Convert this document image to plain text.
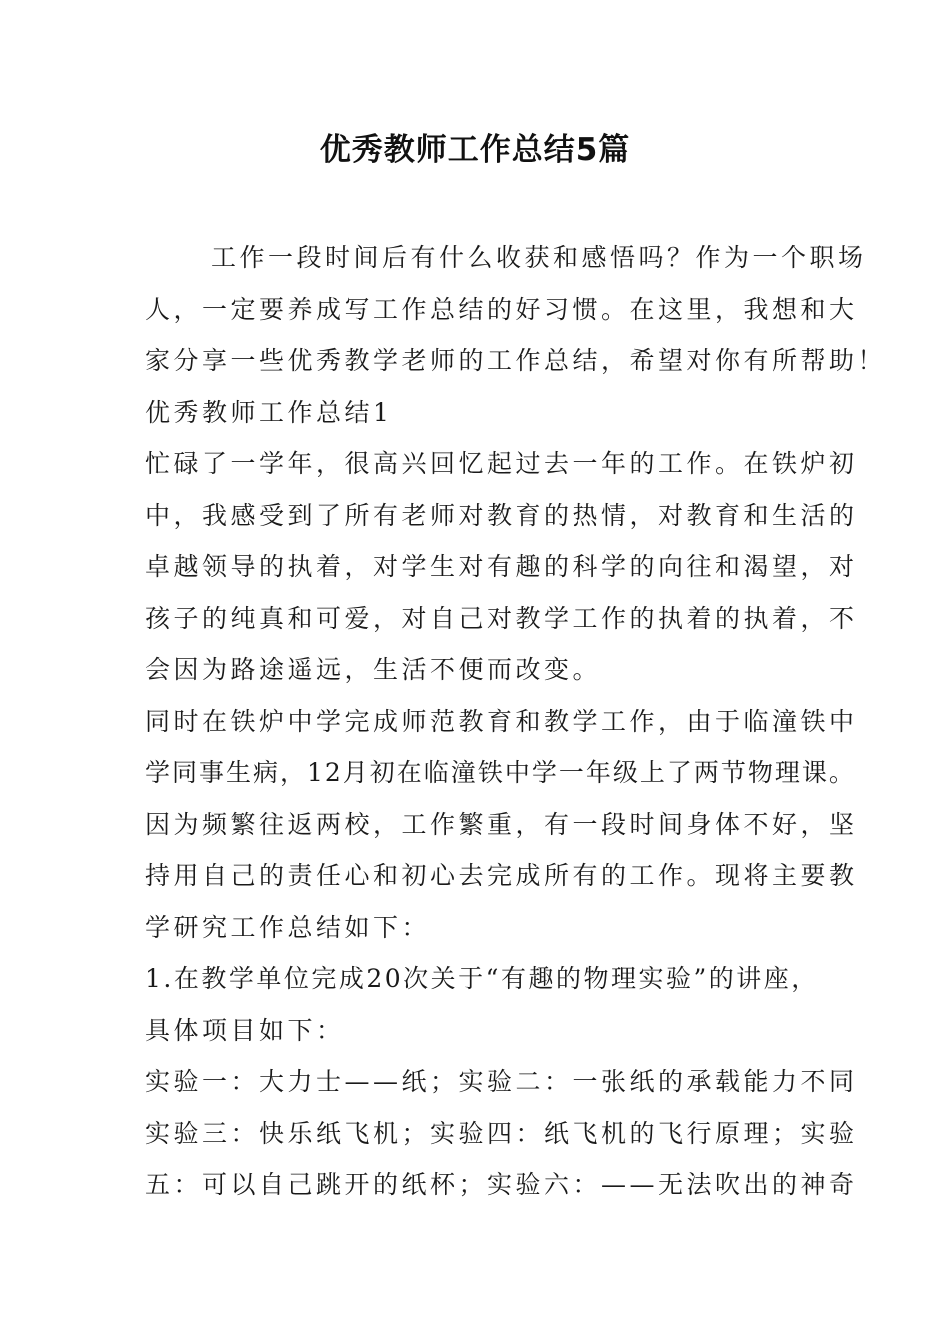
优秀教师工作总结5篇
工作一段时间后有什么收获和感悟吗？作为一个职场
人，一定要养成写工作总结的好习惯。在这里，我想和大
家分享一些优秀教学老师的工作总结，希望对你有所帮助！
优秀教师工作总结1
忙碌了一学年，很高兴回忆起过去一年的工作。在铁炉初
中，我感受到了所有老师对教育的热情，对教育和生活的
卓越领导的执着，对学生对有趣的科学的向往和渴望，对
孩子的纯真和可爱，对自己对教学工作的执着的执着，不
会因为路途遥远，生活不便而改变。
同时在铁炉中学完成师范教育和教学工作，由于临潼铁中
学同事生病，12月初在临潼铁中学一年级上了两节物理课。
因为频繁往返两校，工作繁重，有一段时间身体不好，坚
持用自己的责任心和初心去完成所有的工作。现将主要教
学研究工作总结如下：
1.在教学单位完成20次关于“有趣的物理实验”的讲座，
具体项目如下：
实验一：大力士——纸；实验二：一张纸的承载能力不同
实验三：快乐纸飞机；实验四：纸飞机的飞行原理；实验
五：可以自己跳开的纸杯；实验六：——无法吹出的神奇
